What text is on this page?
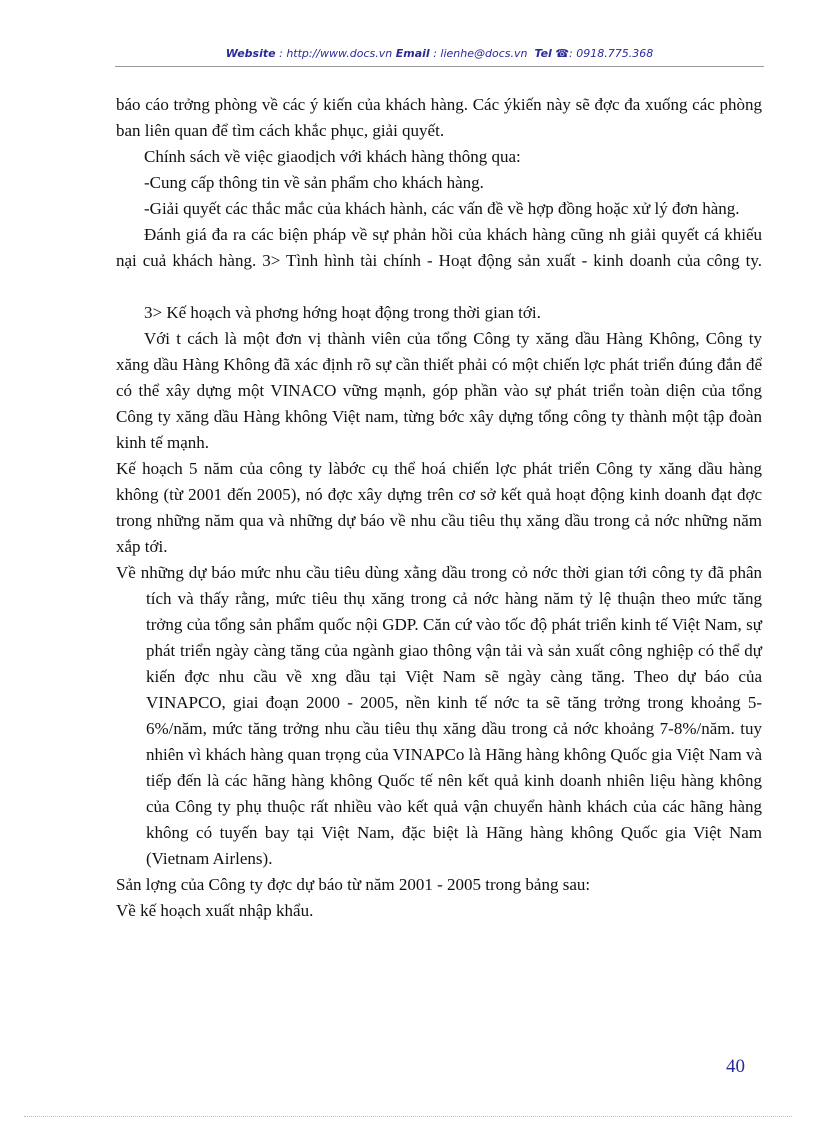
Website : http://www.docs.vn Email : lienhe@docs.vn Tel ☎: 0918.775.368

báo cáo trởng phòng về các ý kiến của khách hàng. Các ýkiến này sẽ đợc đa xuống các phòng ban liên quan để tìm cách khắc phục, giải quyết.

Chính sách về việc giaodịch với khách hàng thông qua:

-Cung cấp thông tin về sản phẩm cho khách hàng.

-Giải quyết các thắc mắc của khách hành, các vấn đề về hợp đồng hoặc xử lý đơn hàng.

Đánh giá đa ra các biện pháp về sự phản hồi của khách hàng cũng nh giải quyết cá khiếu nại cuả khách hàng. 3> Tình hình tài chính - Hoạt động sản xuất - kinh doanh của công ty.

3> Kế hoạch và phơng hớng hoạt động trong thời gian tới.

Với t cách là một đơn vị thành viên của tổng Công ty xăng dầu Hàng Không, Công ty xăng dầu Hàng Không đã xác định rõ sự cần thiết phải có một chiến lợc phát triển đúng đắn để có thể xây dựng một VINACO vững mạnh, góp phần vào sự phát triển toàn diện của tổng Công ty xăng dầu Hàng không Việt nam, từng bớc xây dựng tổng công ty thành một tập đoàn kinh tế mạnh.

Kế hoạch 5 năm của công ty làbớc cụ thể hoá chiến lợc phát triển Công ty xăng dầu hàng không (từ 2001 đến 2005), nó đợc xây dựng trên cơ sở kết quả hoạt động kinh doanh đạt đợc trong những năm qua và những dự báo về nhu cầu tiêu thụ xăng dầu trong cả nớc những năm xắp tới.

Về những dự báo mức nhu cầu tiêu dùng xằng dầu trong cỏ nớc thời gian tới công ty đã phân tích và thấy rằng, mức tiêu thụ xăng trong cả nớc hàng năm tỷ lệ thuận theo mức tăng trởng của tổng sản phẩm quốc nội GDP. Căn cứ vào tốc độ phát triển kinh tế Việt Nam, sự phát triển ngày càng tăng của ngành giao thông vận tải và sản xuất công nghiệp có thể dự kiến đợc nhu cầu về xng dầu tại Việt Nam sẽ ngày càng tăng. Theo dự báo của VINAPCO, giai đoạn 2000 - 2005, nền kinh tế nớc ta sẽ tăng trởng trong khoảng 5-6%/năm, mức tăng trởng nhu cầu tiêu thụ xăng dầu trong cả nớc khoảng 7-8%/năm. tuy nhiên vì khách hàng quan trọng của VINAPCo là Hãng hàng không Quốc gia Việt Nam và tiếp đến là các hãng hàng không Quốc tế nên kết quả kinh doanh nhiên liệu hàng không của Công ty phụ thuộc rất nhiều vào kết quả vận chuyển hành khách của các hãng hàng không có tuyến bay tại Việt Nam, đặc biệt là Hãng hàng không Quốc gia Việt Nam (Vietnam Airlens).

Sản lợng của Công ty đợc dự báo từ năm 2001 - 2005 trong bảng sau:

Về kế hoạch xuất nhập khẩu.

40
